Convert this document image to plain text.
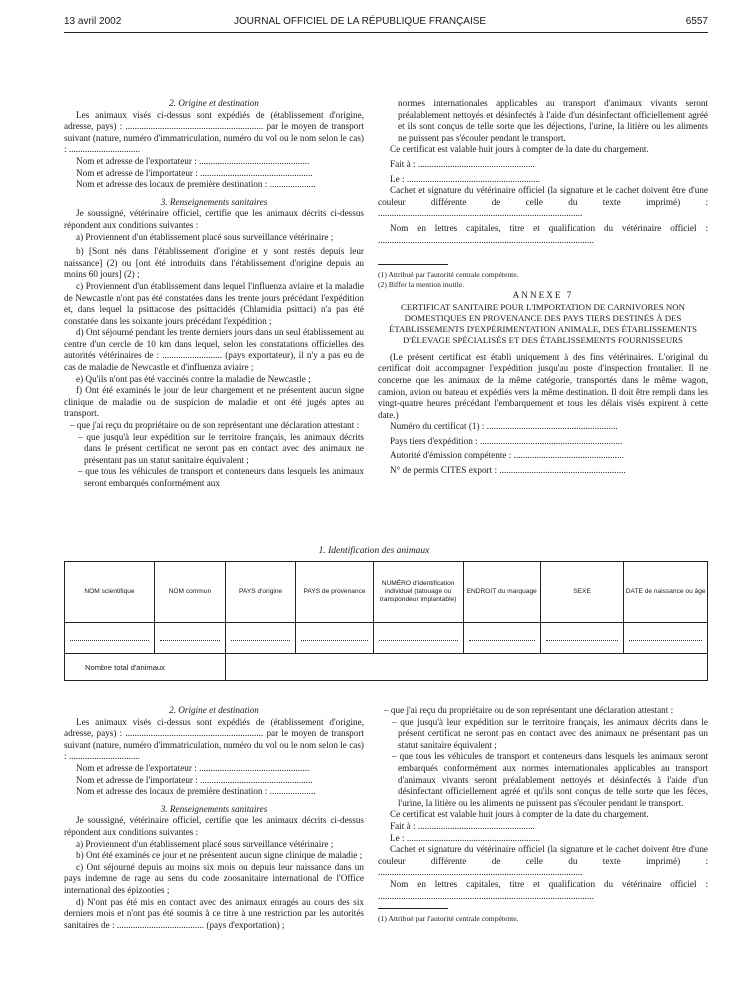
13 avril 2002	JOURNAL OFFICIEL DE LA RÉPUBLIQUE FRANÇAISE	6557

2. Origine et destination

Les animaux visés ci-dessus sont expédiés de (établissement d'origine, adresse, pays) : ............................................................ par le moyen de transport suivant (nature, numéro d'immatriculation, numéro du vol ou le nom selon le cas) : ...............................

Nom et adresse de l'exportateur : ................................................

Nom et adresse de l'importateur : .................................................

Nom et adresse des locaux de première destination : ....................

3. Renseignements sanitaires

Je soussigné, vétérinaire officiel, certifie que les animaux décrits ci-dessus répondent aux conditions suivantes :

a) Proviennent d'un établissement placé sous surveillance vétérinaire ;

b) [Sont nés dans l'établissement d'origine et y sont restés depuis leur naissance] (2) ou [ont été introduits dans l'établissement d'origine depuis au moins 60 jours] (2) ;

c) Proviennent d'un établissement dans lequel l'influenza aviaire et la maladie de Newcastle n'ont pas été constatées dans les trente jours précédant l'expédition et, dans lequel la psittacose des psittacidés (Chlamidia psittaci) n'a pas été constatée dans les soixante jours précédant l'expédition ;

d) Ont séjourné pendant les trente derniers jours dans un seul établissement au centre d'un cercle de 10 km dans lequel, selon les constatations officielles des autorités vétérinaires de : .......................... (pays exportateur), il n'y a pas eu de cas de maladie de Newcastle et d'influenza aviaire ;

e) Qu'ils n'ont pas été vaccinés contre la maladie de Newcastle ;

f) Ont été examinés le jour de leur chargement et ne présentent aucun signe clinique de maladie ou de suspicion de maladie et ont été jugés aptes au transport.

– que j'ai reçu du propriétaire ou de son représentant une déclaration attestant :

– que jusqu'à leur expédition sur le territoire français, les animaux décrits dans le présent certificat ne seront pas en contact avec des animaux ne présentant pas un statut sanitaire équivalent ;

– que tous les véhicules de transport et conteneurs dans lesquels les animaux seront embarqués conformément aux

normes internationales applicables au transport d'animaux vivants seront préalablement nettoyés et désinfectés à l'aide d'un désinfectant officiellement agréé et ils sont conçus de telle sorte que les déjections, l'urine, la litière ou les aliments ne puissent pas s'écouler pendant le transport.

Ce certificat est valable huit jours à compter de la date du chargement.

Fait à : ...................................................

Le : ..........................................................

Cachet et signature du vétérinaire officiel (la signature et le cachet doivent être d'une couleur différente de celle du texte imprimé) : .........................................................................................

Nom en lettres capitales, titre et qualification du vétérinaire officiel : ..............................................................................................

(1) Attribué par l'autorité centrale compétente.

(2) Biffer la mention inutile.

ANNEXE 7

CERTIFICAT SANITAIRE POUR L'IMPORTATION DE CARNIVORES NON DOMESTIQUES EN PROVENANCE DES PAYS TIERS DESTINÉS À DES ÉTABLISSEMENTS D'EXPÉRIMENTATION ANIMALE, DES ÉTABLISSEMENTS D'ÉLEVAGE SPÉCIALISÉS ET DES ÉTABLISSEMENTS FOURNISSEURS

(Le présent certificat est établi uniquement à des fins vétérinaires. L'original du certificat doit accompagner l'expédition jusqu'au poste d'inspection frontalier. Il ne concerne que les animaux de la même catégorie, transportés dans le même wagon, camion, avion ou bateau et expédiés vers la même destination. Il doit être rempli dans les vingt-quatre heures précédant l'embarquement et tous les délais visés expirent à cette date.)

Numéro du certificat (1) : .........................................................

Pays tiers d'expédition : ..............................................................

Autorité d'émission compétente : ................................................

N° de permis CITES export : .......................................................

1. Identification des animaux
NOM scientifique	NOM commun	PAYS d'origine	PAYS de provenance	NUMÉRO d'identification individuel (tatouage ou transpondeur implantable)	ENDROIT du marquage	SEXE	DATE de naissance ou âge

Nombre total d'animaux							

2. Origine et destination

Les animaux visés ci-dessus sont expédiés de (établissement d'origine, adresse, pays) : ............................................................ par le moyen de transport suivant (nature, numéro d'immatriculation, numéro du vol ou le nom selon le cas) : ...............................

Nom et adresse de l'exportateur : ................................................

Nom et adresse de l'importateur : .................................................

Nom et adresse des locaux de première destination : ....................

3. Renseignements sanitaires

Je soussigné, vétérinaire officiel, certifie que les animaux décrits ci-dessus répondent aux conditions suivantes :

a) Proviennent d'un établissement placé sous surveillance vétérinaire ;

b) Ont été examinés ce jour et ne présentent aucun signe clinique de maladie ;

c) Ont séjourné depuis au moins six mois ou depuis leur naissance dans un pays indemne de rage au sens du code zoosanitaire international de l'Office international des épizooties ;

d) N'ont pas été mis en contact avec des animaux enragés au cours des six derniers mois et n'ont pas été soumis à ce titre à une restriction par les autorités sanitaires de : ...................................... (pays d'exportation) ;

– que j'ai reçu du propriétaire ou de son représentant une déclaration attestant :

– que jusqu'à leur expédition sur le territoire français, les animaux décrits dans le présent certificat ne seront pas en contact avec des animaux ne présentant pas un statut sanitaire équivalent ;

– que tous les véhicules de transport et conteneurs dans lesquels les animaux seront embarqués conformément aux normes internationales applicables au transport d'animaux vivants seront préalablement nettoyés et désinfectés à l'aide d'un désinfectant officiellement agréé et qu'ils sont conçus de telle sorte que les fèces, l'urine, la litière ou les aliments ne puissent pas s'écouler pendant le transport.

Ce certificat est valable huit jours à compter de la date du chargement.

Fait à : ...................................................

Le : ..........................................................

Cachet et signature du vétérinaire officiel (la signature et le cachet doivent être d'une couleur différente de celle du texte imprimé) : .........................................................................................

Nom en lettres capitales, titre et qualification du vétérinaire officiel : ..............................................................................................

(1) Attribué par l'autorité centrale compétente.
